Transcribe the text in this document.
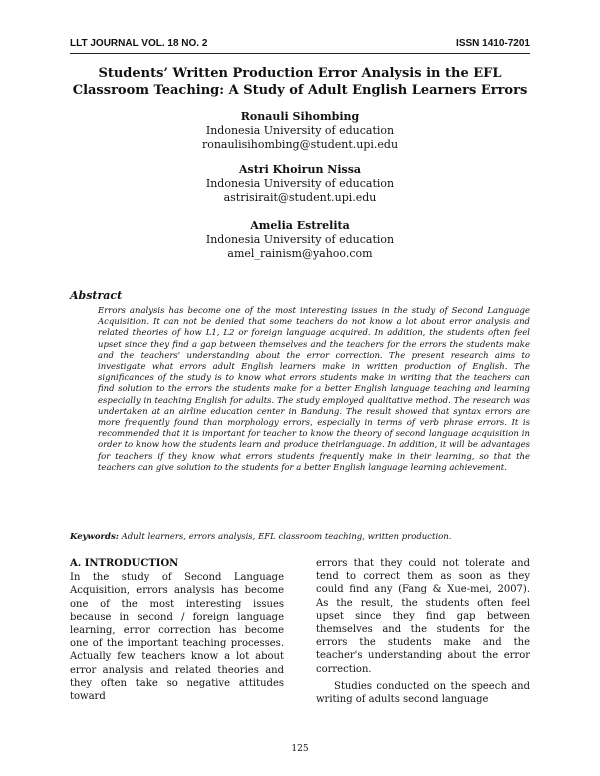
LLT JOURNAL VOL. 18 NO. 2	ISSN 1410-7201
Students’ Written Production Error Analysis in the EFL Classroom Teaching: A Study of Adult English Learners Errors
Ronauli Sihombing
Indonesia University of education
ronaulisihombing@student.upi.edu
Astri Khoirun Nissa
Indonesia University of education
astrisirait@student.upi.edu
Amelia Estrelita
Indonesia University of education
amel_rainism@yahoo.com
Abstract
Errors analysis has become one of the most interesting issues in the study of Second Language Acquisition. It can not be denied that some teachers do not know a lot about error analysis and related theories of how L1, L2 or foreign language acquired. In addition, the students often feel upset since they find a gap between themselves and the teachers for the errors the students make and the teachers' understanding about the error correction. The present research aims to investigate what errors adult English learners make in written production of English. The significances of the study is to know what errors students make in writing that the teachers can find solution to the errors the students make for a better English language teaching and learning especially in teaching English for adults. The study employed qualitative method. The research was undertaken at an airline education center in Bandung. The result showed that syntax errors are more frequently found than morphology errors, especially in terms of verb phrase errors. It is recommended that it is important for teacher to know the theory of second language acquisition in order to know how the students learn and produce theirlanguage. In addition, it will be advantages for teachers if they know what errors students frequently make in their learning, so that the teachers can give solution to the students for a better English language learning achievement.
Keywords: Adult learners, errors analysis, EFL classroom teaching, written production.
A. INTRODUCTION

In the study of Second Language Acquisition, errors analysis has become one of the most interesting issues because in second / foreign language learning, error correction has become one of the important teaching processes. Actually few teachers know a lot about error analysis and related theories and they often take so negative attitudes toward

errors that they could not tolerate and tend to correct them as soon as they could find any (Fang & Xue-mei, 2007). As the result, the students often feel upset since they find gap between themselves and the students for the errors the students make and the teacher's understanding about the error correction.

Studies conducted on the speech and writing of adults second language

125
